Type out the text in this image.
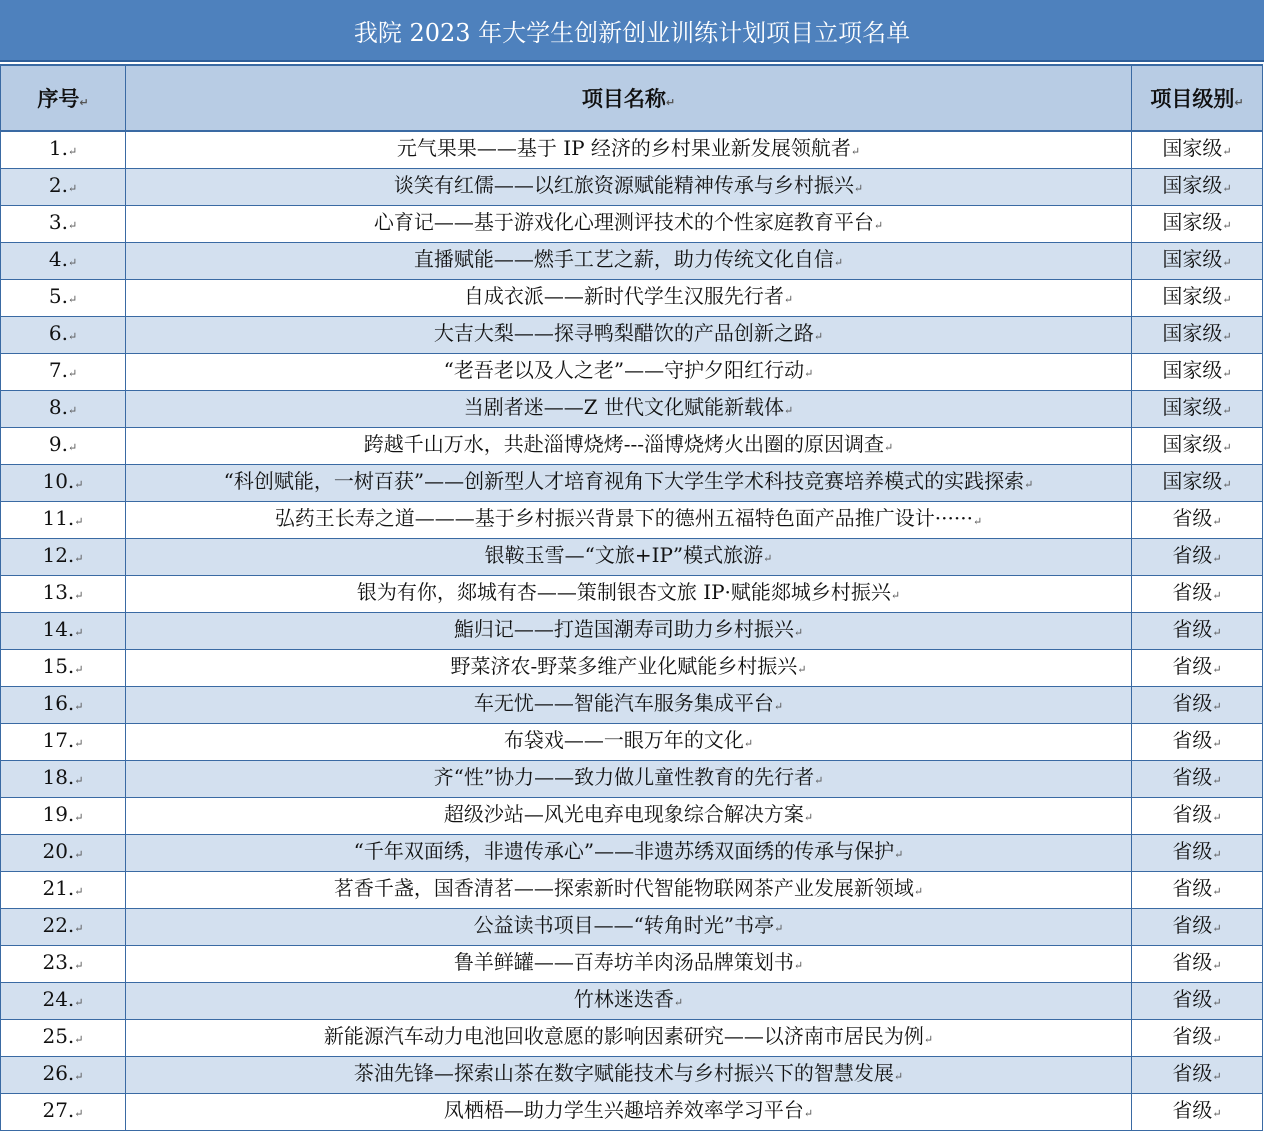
我院 2023 年大学生创新创业训练计划项目立项名单
序号↵	项目名称↵	项目级别↵
1.↵	元气果果——基于 IP 经济的乡村果业新发展领航者↵	国家级↵
2.↵	谈笑有红儒——以红旅资源赋能精神传承与乡村振兴↵	国家级↵
3.↵	心育记——基于游戏化心理测评技术的个性家庭教育平台↵	国家级↵
4.↵	直播赋能——燃手工艺之薪，助力传统文化自信↵	国家级↵
5.↵	自成衣派——新时代学生汉服先行者↵	国家级↵
6.↵	大吉大梨——探寻鸭梨醋饮的产品创新之路↵	国家级↵
7.↵	“老吾老以及人之老”——守护夕阳红行动↵	国家级↵
8.↵	当剧者迷——Z 世代文化赋能新载体↵	国家级↵
9.↵	跨越千山万水，共赴淄博烧烤---淄博烧烤火出圈的原因调查↵	国家级↵
10.↵	“科创赋能，一树百获”——创新型人才培育视角下大学生学术科技竞赛培养模式的实践探索↵	国家级↵
11.↵	弘药王长寿之道———基于乡村振兴背景下的德州五福特色面产品推广设计······↵	省级↵
12.↵	银鞍玉雪—“文旅+IP”模式旅游↵	省级↵
13.↵	银为有你，郯城有杏——策制银杏文旅 IP·赋能郯城乡村振兴↵	省级↵
14.↵	鮨归记——打造国潮寿司助力乡村振兴↵	省级↵
15.↵	野菜济农-野菜多维产业化赋能乡村振兴↵	省级↵
16.↵	车无忧——智能汽车服务集成平台↵	省级↵
17.↵	布袋戏——一眼万年的文化↵	省级↵
18.↵	齐“性”协力——致力做儿童性教育的先行者↵	省级↵
19.↵	超级沙站—风光电弃电现象综合解决方案↵	省级↵
20.↵	“千年双面绣，非遗传承心”——非遗苏绣双面绣的传承与保护↵	省级↵
21.↵	茗香千盏，国香清茗——探索新时代智能物联网茶产业发展新领域↵	省级↵
22.↵	公益读书项目——“转角时光”书亭↵	省级↵
23.↵	鲁羊鲜罐——百寿坊羊肉汤品牌策划书↵	省级↵
24.↵	竹林迷迭香↵	省级↵
25.↵	新能源汽车动力电池回收意愿的影响因素研究——以济南市居民为例↵	省级↵
26.↵	茶油先锋—探索山茶在数字赋能技术与乡村振兴下的智慧发展↵	省级↵
27.↵	凤栖梧—助力学生兴趣培养效率学习平台↵	省级↵
